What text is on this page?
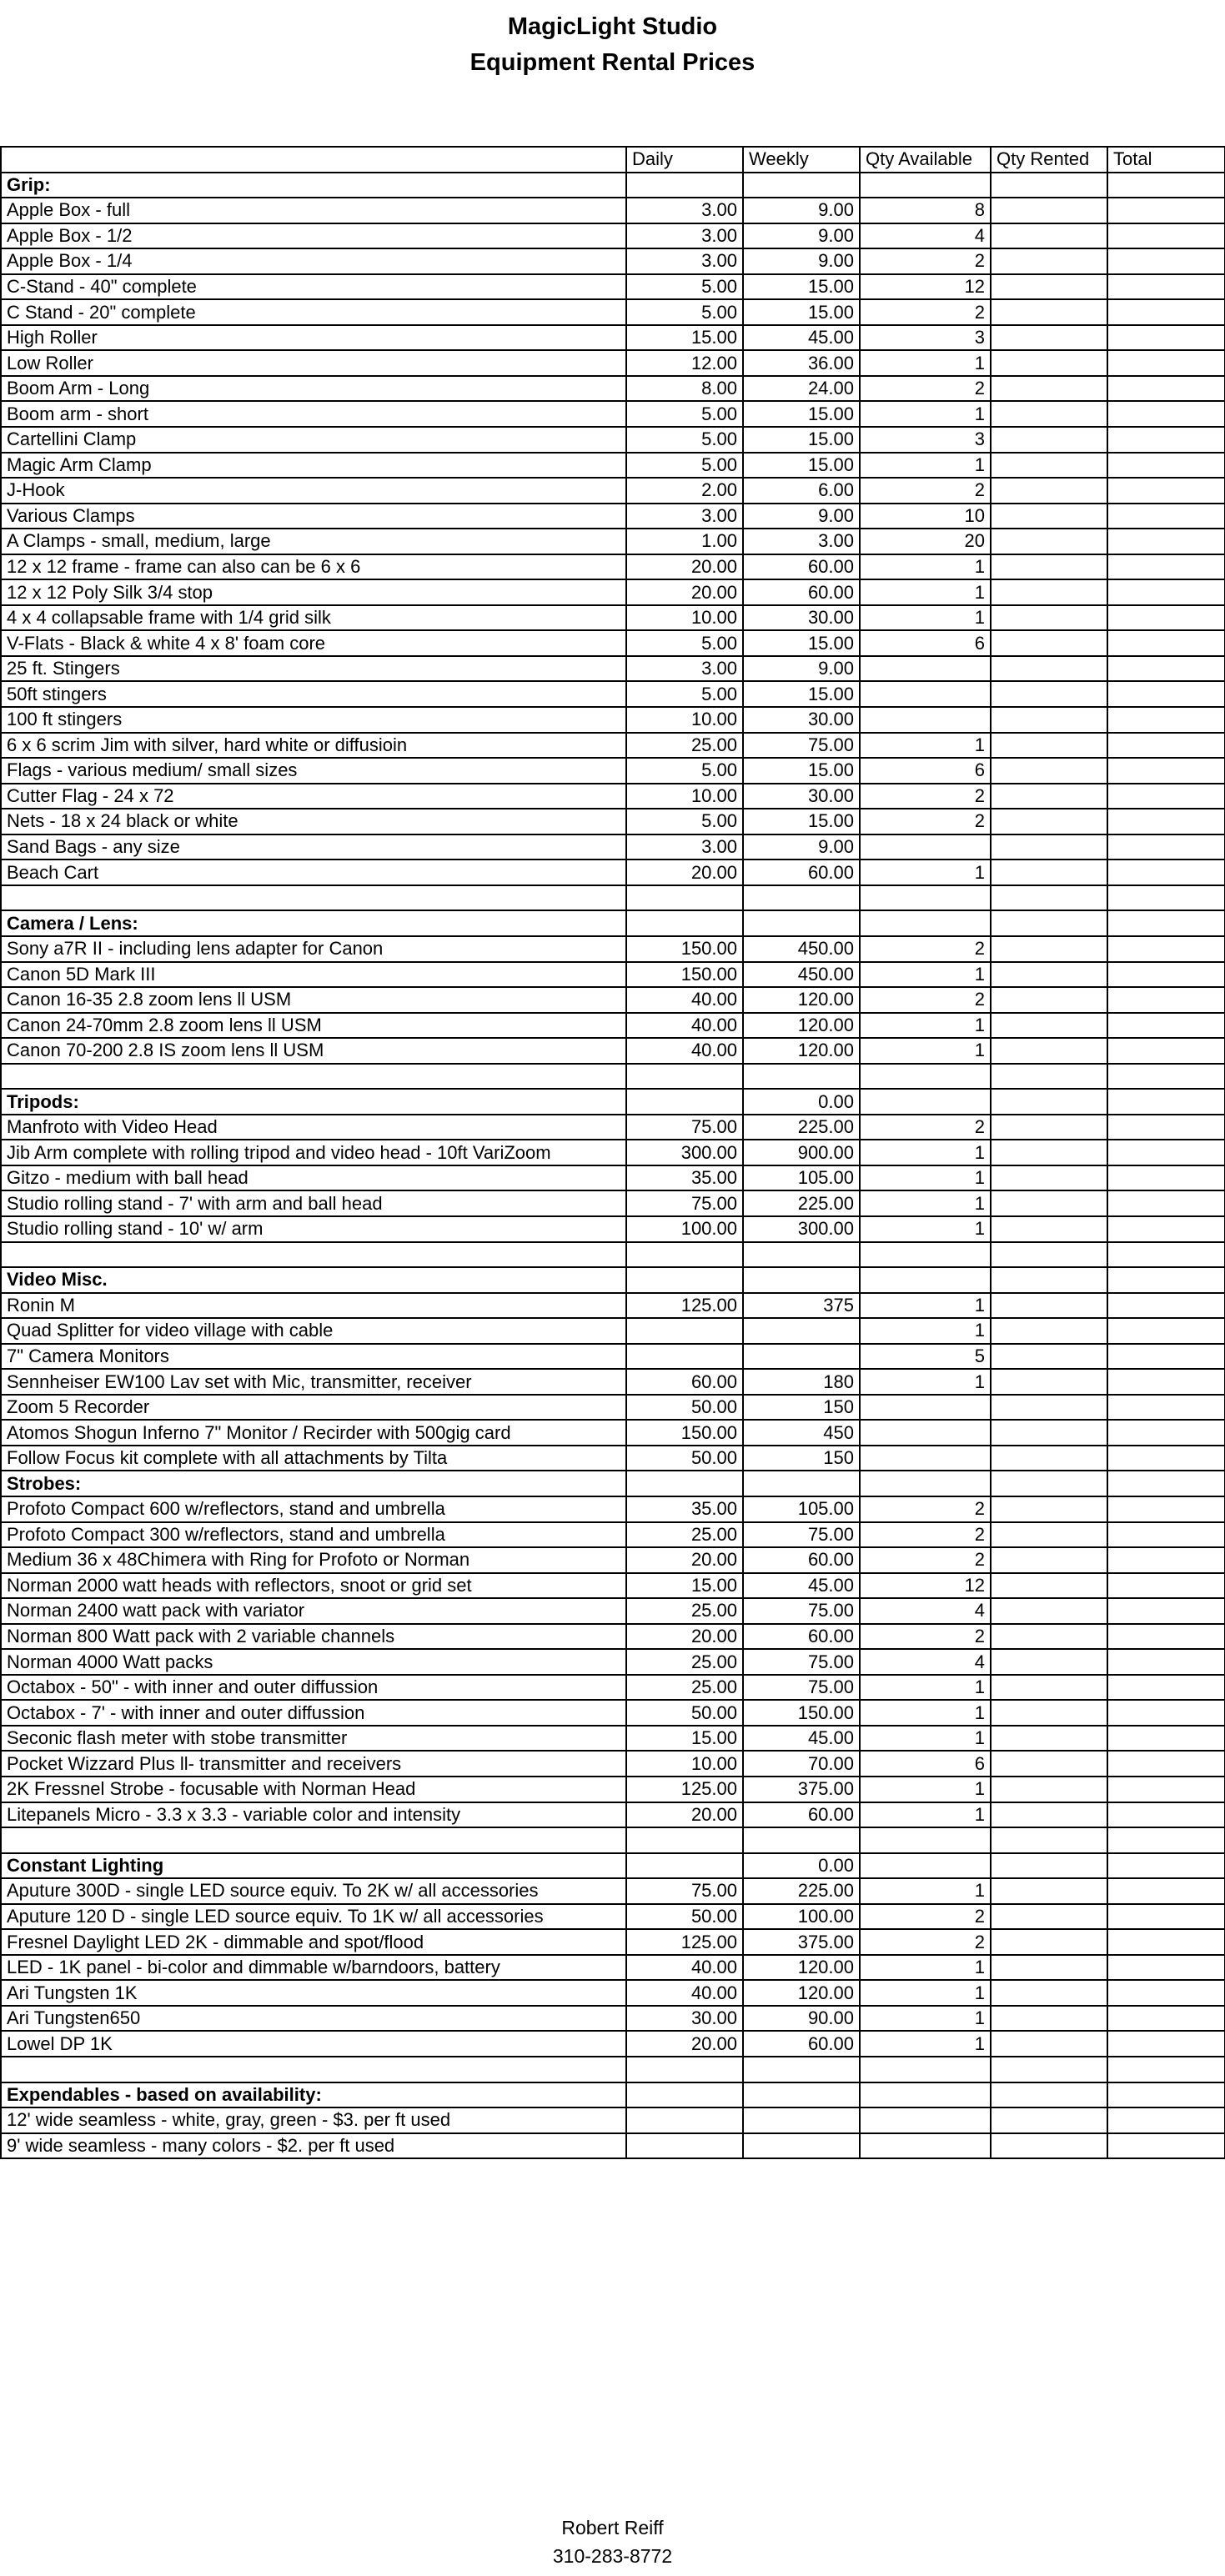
MagicLight Studio
Equipment Rental Prices
	Daily	Weekly	Qty Available	Qty Rented	Total
Grip:					
Apple Box - full	3.00	9.00	8		
Apple Box - 1/2	3.00	9.00	4		
Apple Box - 1/4	3.00	9.00	2		
C-Stand - 40" complete	5.00	15.00	12		
C Stand - 20" complete	5.00	15.00	2		
High Roller	15.00	45.00	3		
Low Roller	12.00	36.00	1		
Boom Arm - Long	8.00	24.00	2		
Boom arm - short	5.00	15.00	1		
Cartellini Clamp	5.00	15.00	3		
Magic Arm Clamp	5.00	15.00	1		
J-Hook	2.00	6.00	2		
Various Clamps	3.00	9.00	10		
A Clamps - small, medium, large	1.00	3.00	20		
12 x 12 frame - frame can also can be 6 x 6	20.00	60.00	1		
12 x 12 Poly Silk 3/4 stop	20.00	60.00	1		
4 x 4 collapsable frame with 1/4 grid silk	10.00	30.00	1		
V-Flats - Black & white 4 x 8' foam core	5.00	15.00	6		
25 ft. Stingers	3.00	9.00			
50ft stingers	5.00	15.00			
100 ft stingers	10.00	30.00			
6 x 6 scrim Jim with silver, hard white or diffusioin	25.00	75.00	1		
Flags - various medium/ small sizes	5.00	15.00	6		
Cutter Flag - 24 x 72	10.00	30.00	2		
Nets - 18 x 24 black or white	5.00	15.00	2		
Sand Bags - any size	3.00	9.00			
Beach Cart	20.00	60.00	1		

Camera / Lens:					
Sony a7R II - including lens adapter for Canon	150.00	450.00	2		
Canon 5D Mark III	150.00	450.00	1		
Canon 16-35 2.8 zoom lens ll USM	40.00	120.00	2		
Canon 24-70mm 2.8 zoom lens ll USM	40.00	120.00	1		
Canon 70-200 2.8 IS zoom lens ll USM	40.00	120.00	1		

Tripods:		0.00			
Manfroto with Video Head	75.00	225.00	2		
Jib Arm complete with rolling tripod and video head - 10ft VariZoom	300.00	900.00	1		
Gitzo - medium with ball head	35.00	105.00	1		
Studio rolling stand - 7' with arm and ball head	75.00	225.00	1		
Studio rolling stand - 10' w/ arm	100.00	300.00	1		

Video Misc.					
Ronin M	125.00	375	1		
Quad Splitter for video village with cable			1		
7" Camera Monitors			5		
Sennheiser EW100 Lav set with Mic, transmitter, receiver	60.00	180	1		
Zoom 5 Recorder	50.00	150			
Atomos Shogun Inferno 7" Monitor / Recirder with 500gig card	150.00	450			
Follow Focus kit complete with all attachments by Tilta	50.00	150			
Strobes:					
Profoto Compact 600 w/reflectors, stand and umbrella	35.00	105.00	2		
Profoto Compact 300 w/reflectors, stand and umbrella	25.00	75.00	2		
Medium 36 x 48Chimera with Ring for Profoto or Norman	20.00	60.00	2		
Norman 2000 watt heads with reflectors, snoot or grid set	15.00	45.00	12		
Norman 2400 watt pack with variator	25.00	75.00	4		
Norman 800 Watt pack with 2 variable channels	20.00	60.00	2		
Norman 4000 Watt packs	25.00	75.00	4		
Octabox - 50" - with inner and outer diffussion	25.00	75.00	1		
Octabox - 7' - with inner and outer diffussion	50.00	150.00	1		
Seconic flash meter with stobe transmitter	15.00	45.00	1		
Pocket Wizzard Plus ll- transmitter and receivers	10.00	70.00	6		
2K Fressnel Strobe - focusable with Norman Head	125.00	375.00	1		
Litepanels Micro - 3.3 x 3.3 - variable color and intensity	20.00	60.00	1		

Constant Lighting		0.00			
Aputure 300D - single LED source equiv. To 2K w/ all accessories	75.00	225.00	1		
Aputure 120 D - single LED source equiv. To 1K w/ all accessories	50.00	100.00	2		
Fresnel Daylight LED 2K - dimmable and spot/flood	125.00	375.00	2		
LED - 1K panel - bi-color and dimmable w/barndoors, battery	40.00	120.00	1		
Ari Tungsten 1K	40.00	120.00	1		
Ari Tungsten650	30.00	90.00	1		
Lowel DP 1K	20.00	60.00	1		

Expendables - based on availability:					
12' wide seamless - white, gray, green - $3. per ft used					
9' wide seamless - many colors - $2. per ft used					
Robert Reiff
310-283-8772
